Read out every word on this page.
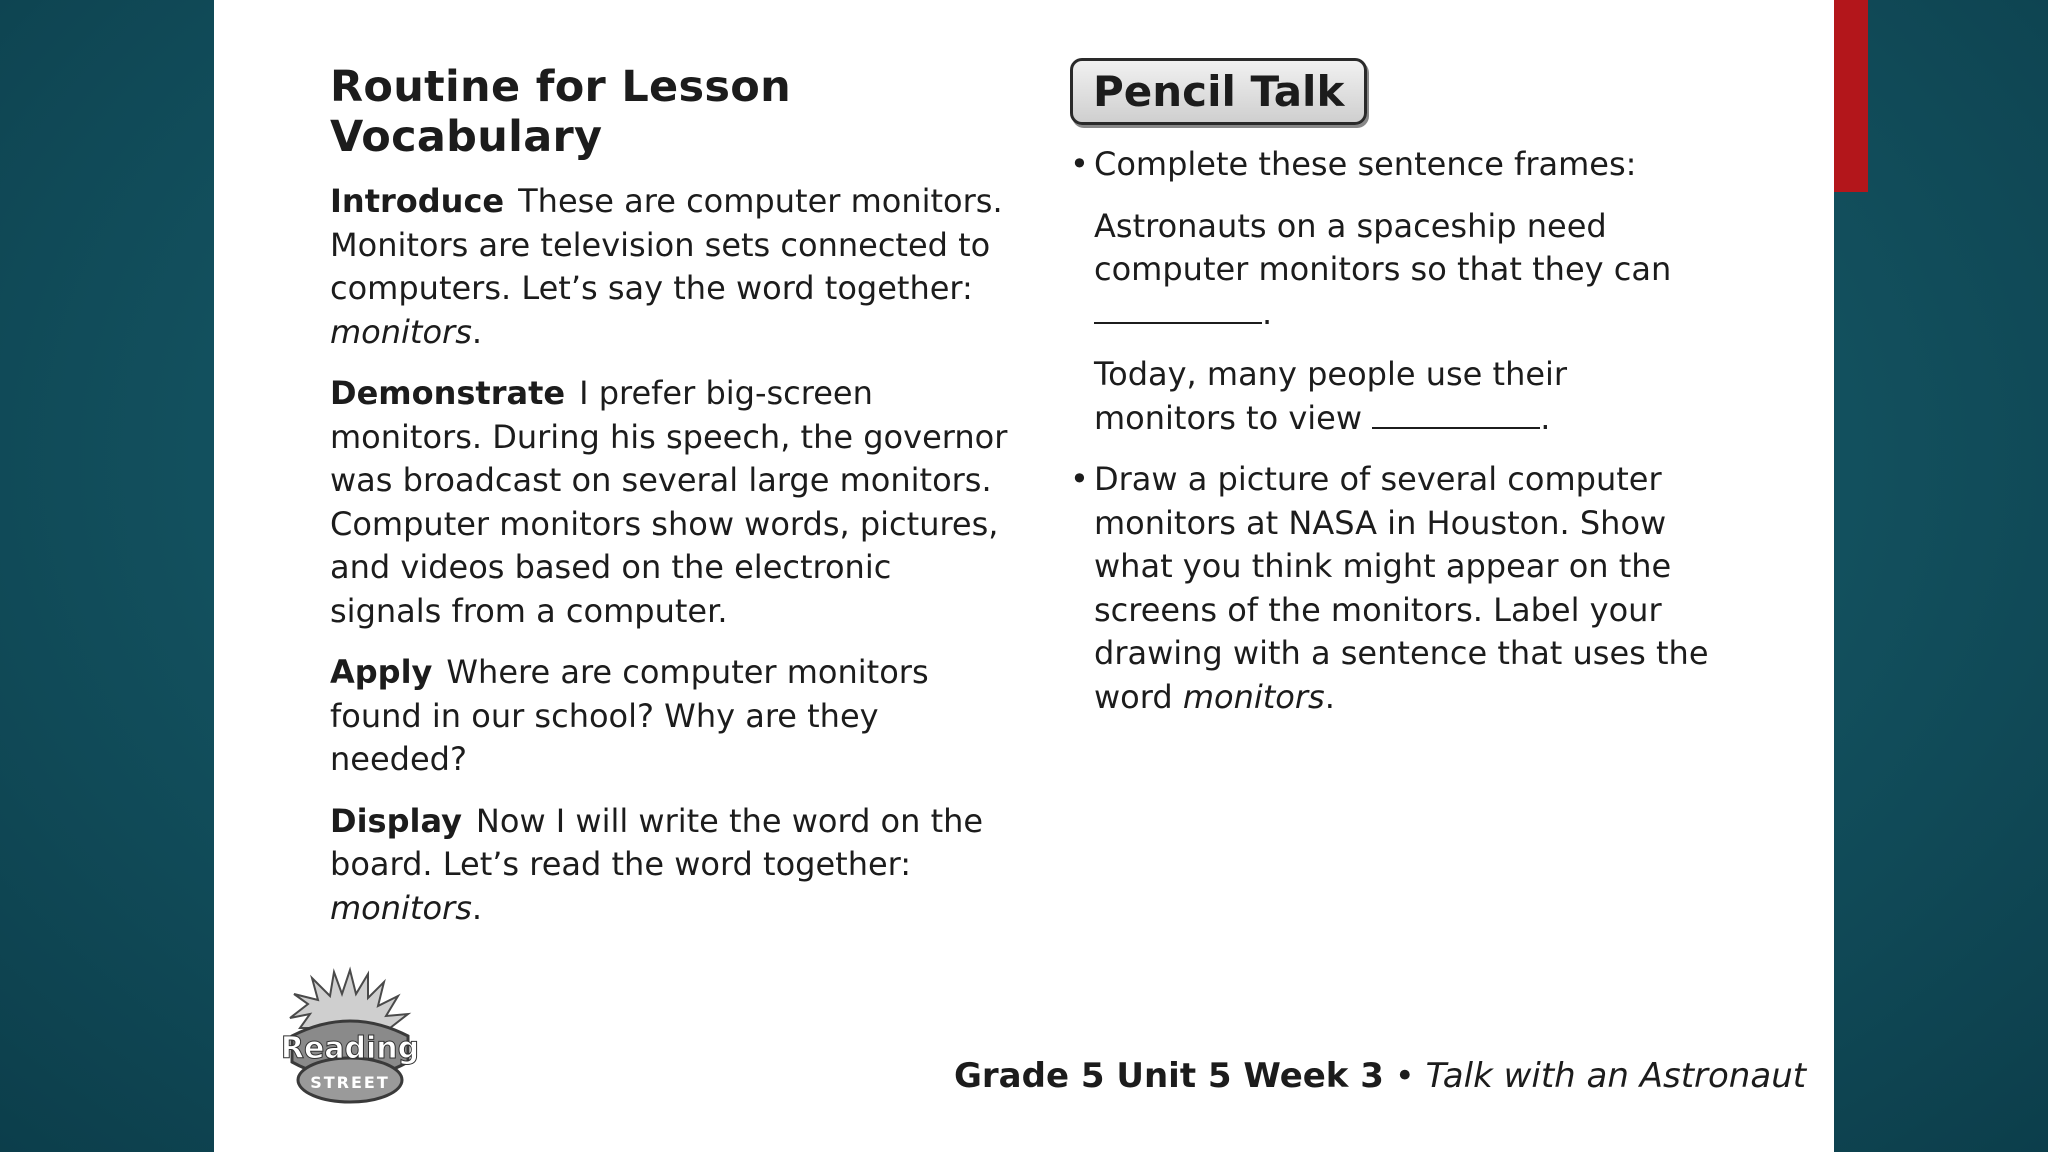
Routine for Lesson Vocabulary

Introduce These are computer monitors. Monitors are television sets connected to computers. Let’s say the word together: monitors.

Demonstrate I prefer big-screen monitors. During his speech, the governor was broadcast on several large monitors. Computer monitors show words, pictures, and videos based on the electronic signals from a computer.

Apply Where are computer monitors found in our school? Why are they needed?

Display Now I will write the word on the board. Let’s read the word together: monitors.

Pencil Talk
• Complete these sentence frames:
Astronauts on a spaceship need computer monitors so that they can .
Today, many people use their monitors to view	.
• Draw a picture of several computer monitors at NASA in Houston. Show what you think might appear on the screens of the monitors. Label your drawing with a sentence that uses the word monitors.
Reading
STREET	Grade 5 Unit 5 Week 3 • Talk with an Astronaut
